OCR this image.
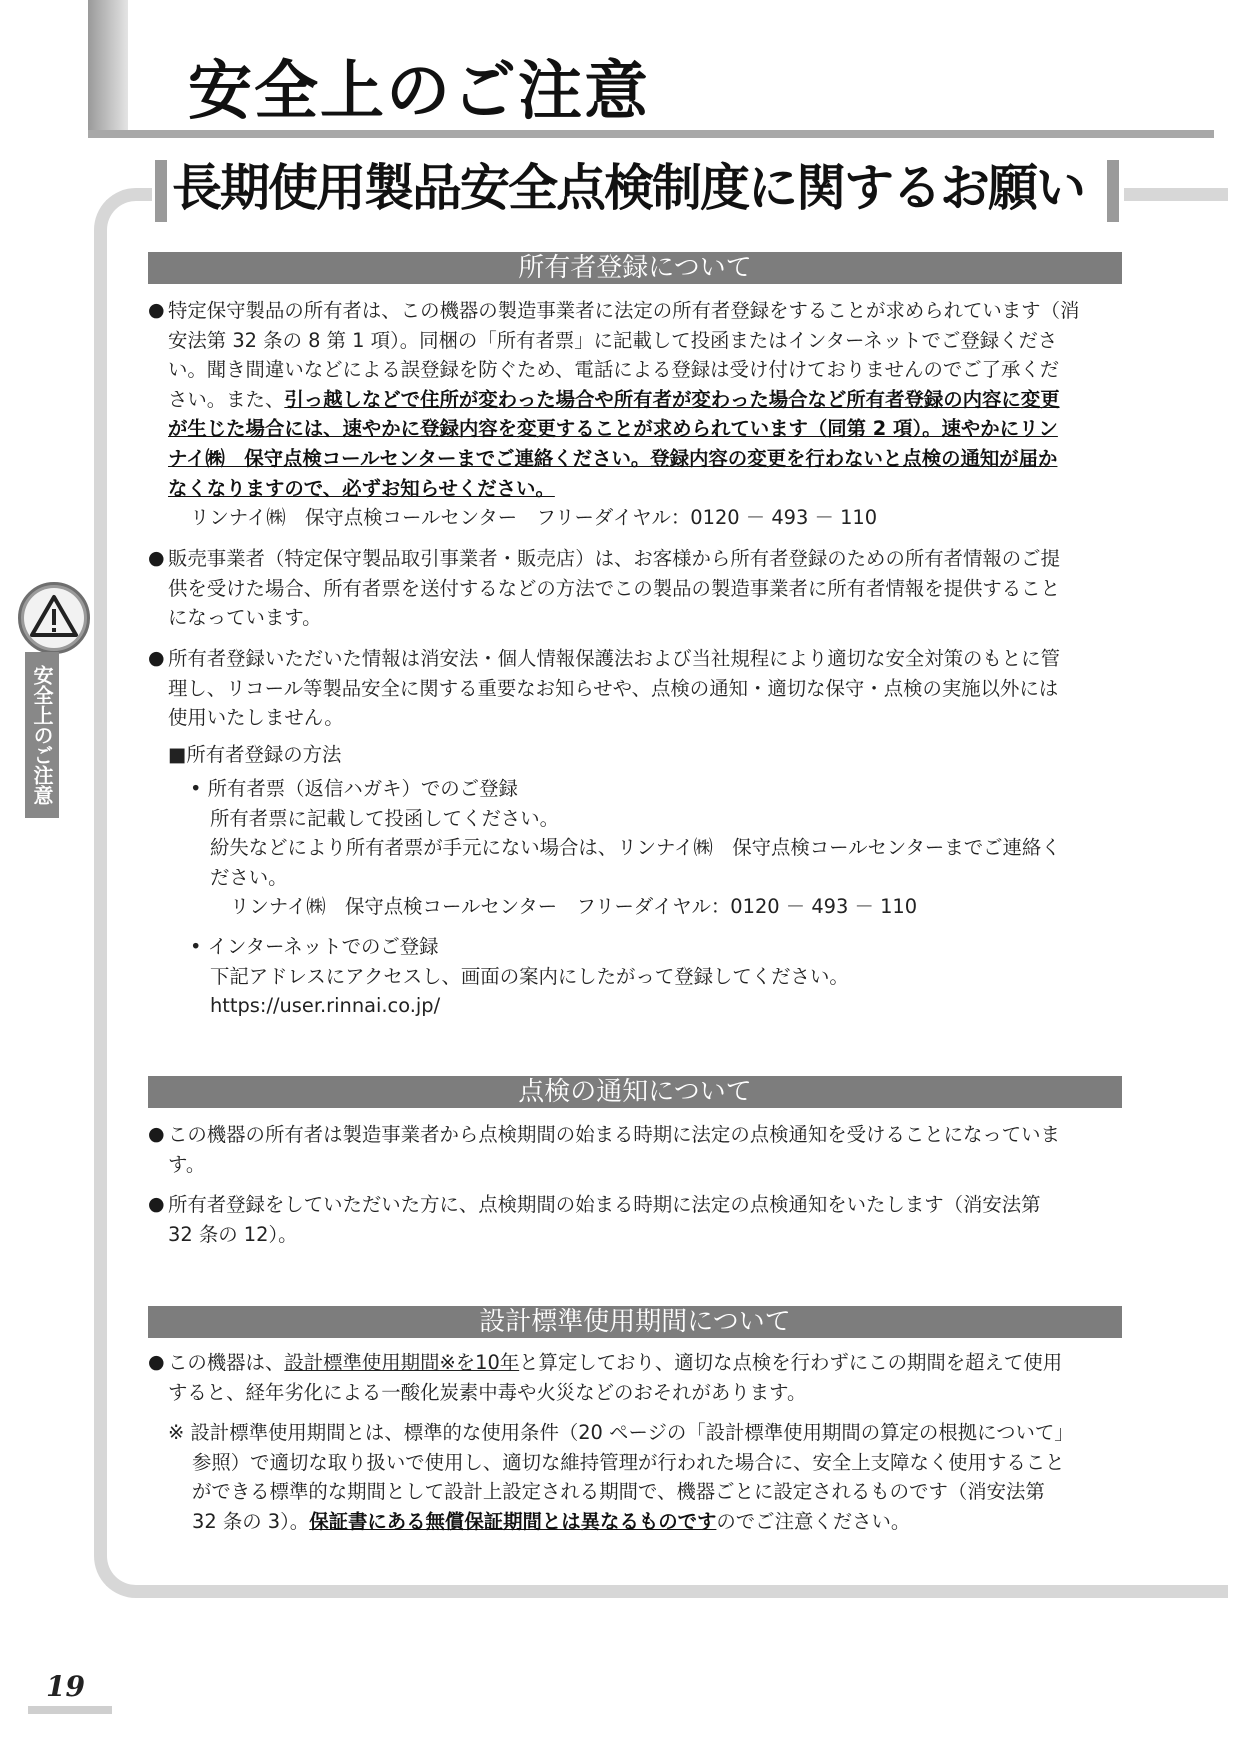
安全上のご注意
長期使用製品安全点検制度に関するお願い
安全上のご注意
所有者登録について
● 特定保守製品の所有者は、この機器の製造事業者に法定の所有者登録をすることが求められています（消
安法第 32 条の 8 第 1 項）。同梱の「所有者票」に記載して投函またはインターネットでご登録くださ
い。聞き間違いなどによる誤登録を防ぐため、電話による登録は受け付けておりませんのでご了承くだ
さい。また、引っ越しなどで住所が変わった場合や所有者が変わった場合など所有者登録の内容に変更
が生じた場合には、速やかに登録内容を変更することが求められています（同第 2 項）。速やかにリン
ナイ㈱　保守点検コールセンターまでご連絡ください。登録内容の変更を行わないと点検の通知が届か
なくなりますので、必ずお知らせください。
リンナイ㈱　保守点検コールセンター　フリーダイヤル：0120 － 493 － 110
● 販売事業者（特定保守製品取引事業者・販売店）は、お客様から所有者登録のための所有者情報のご提
供を受けた場合、所有者票を送付するなどの方法でこの製品の製造事業者に所有者情報を提供すること
になっています。
● 所有者登録いただいた情報は消安法・個人情報保護法および当社規程により適切な安全対策のもとに管
理し、リコール等製品安全に関する重要なお知らせや、点検の通知・適切な保守・点検の実施以外には
使用いたしません。
■所有者登録の方法
• 所有者票（返信ハガキ）でのご登録
所有者票に記載して投函してください。
紛失などにより所有者票が手元にない場合は、リンナイ㈱　保守点検コールセンターまでご連絡く
ださい。
リンナイ㈱　保守点検コールセンター　フリーダイヤル：0120 － 493 － 110
• インターネットでのご登録
下記アドレスにアクセスし、画面の案内にしたがって登録してください。
https://user.rinnai.co.jp/
点検の通知について
● この機器の所有者は製造事業者から点検期間の始まる時期に法定の点検通知を受けることになっていま
す。
● 所有者登録をしていただいた方に、点検期間の始まる時期に法定の点検通知をいたします（消安法第
32 条の 12）。
設計標準使用期間について
● この機器は、設計標準使用期間※を10年と算定しており、適切な点検を行わずにこの期間を超えて使用
すると、経年劣化による一酸化炭素中毒や火災などのおそれがあります。
※ 設計標準使用期間とは、標準的な使用条件（20 ページの「設計標準使用期間の算定の根拠について」
参照）で適切な取り扱いで使用し、適切な維持管理が行われた場合に、安全上支障なく使用すること
ができる標準的な期間として設計上設定される期間で、機器ごとに設定されるものです（消安法第
32 条の 3）。保証書にある無償保証期間とは異なるものですのでご注意ください。
19
